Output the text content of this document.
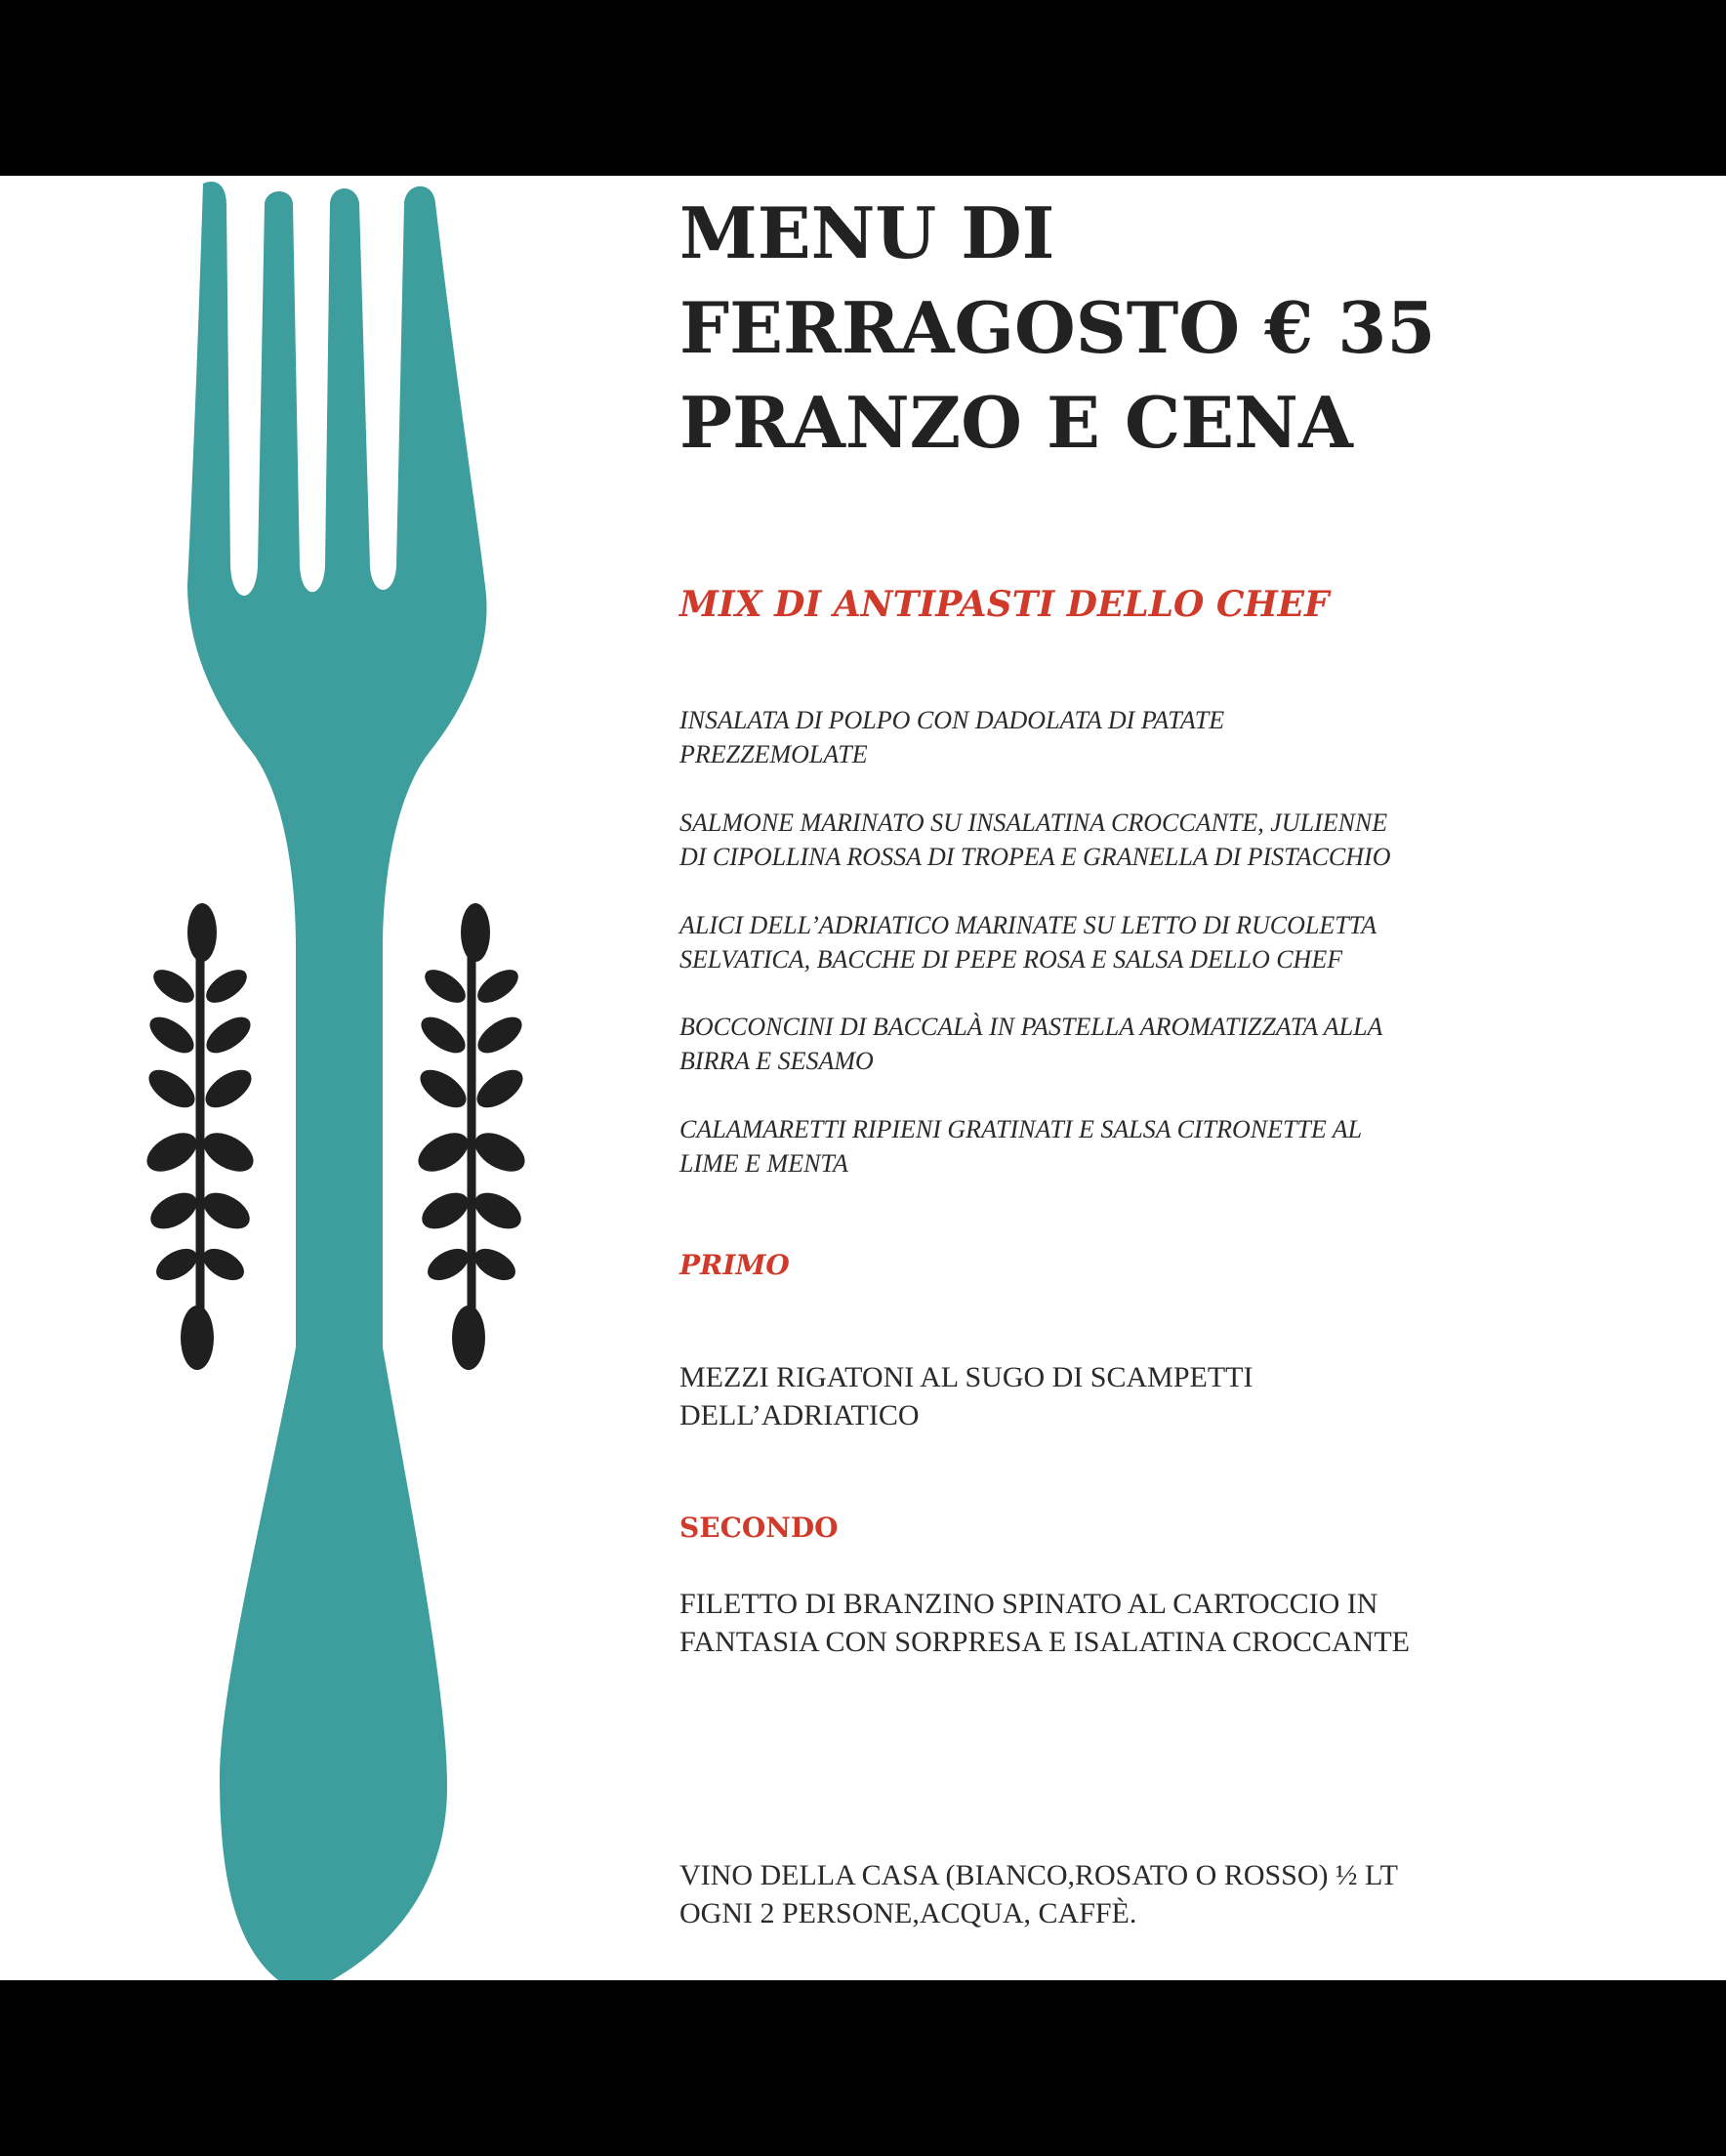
MENU DI
FERRAGOSTO € 35
PRANZO E CENA
MIX DI ANTIPASTI DELLO CHEF

INSALATA DI POLPO CON DADOLATA DI PATATE
PREZZEMOLATE

SALMONE MARINATO SU INSALATINA CROCCANTE, JULIENNE
DI CIPOLLINA ROSSA DI TROPEA E GRANELLA DI PISTACCHIO

ALICI DELL’ADRIATICO MARINATE SU LETTO DI RUCOLETTA
SELVATICA, BACCHE DI PEPE ROSA E SALSA DELLO CHEF

BOCCONCINI DI BACCALÀ IN PASTELLA AROMATIZZATA ALLA
BIRRA E SESAMO

CALAMARETTI RIPIENI GRATINATI E SALSA CITRONETTE AL
LIME E MENTA

PRIMO

MEZZI RIGATONI AL SUGO DI SCAMPETTI
DELL’ADRIATICO

SECONDO

FILETTO DI BRANZINO SPINATO AL CARTOCCIO IN
FANTASIA CON SORPRESA E ISALATINA CROCCANTE

VINO DELLA CASA (BIANCO,ROSATO O ROSSO) ½ LT
OGNI 2 PERSONE,ACQUA, CAFFÈ.
